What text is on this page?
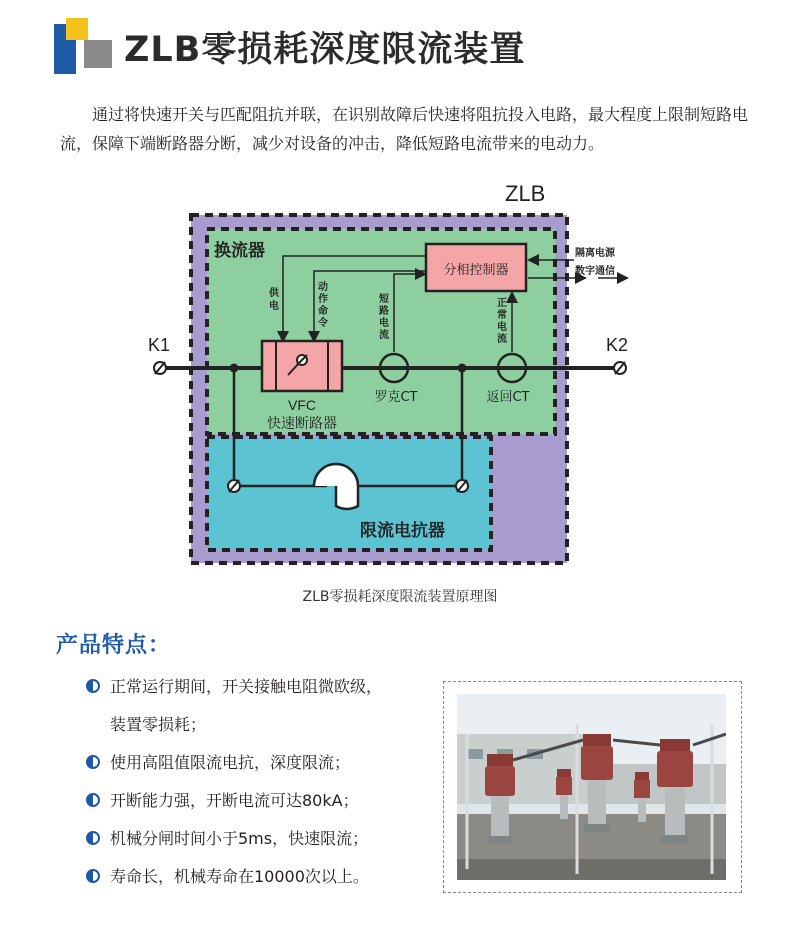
ZLB零损耗深度限流装置

通过将快速开关与匹配阻抗并联，在识别故障后快速将阻抗投入电路，最大程度上限制短路电流，保障下端断路器分断，减少对设备的冲击，降低短路电流带来的电动力。

ZLB
换流器
限流电抗器
分相控制器
隔离电源
数字通信
供电
动作命令
短路电流
正常电流
K1	K2
VFC
快速断路器
罗克CT	返回CT
ZLB零损耗深度限流装置原理图
产品特点：
正常运行期间，开关接触电阻微欧级，
装置零损耗；
使用高阻值限流电抗，深度限流；
开断能力强，开断电流可达80kA；
机械分闸时间小于5ms，快速限流；
寿命长，机械寿命在10000次以上。
